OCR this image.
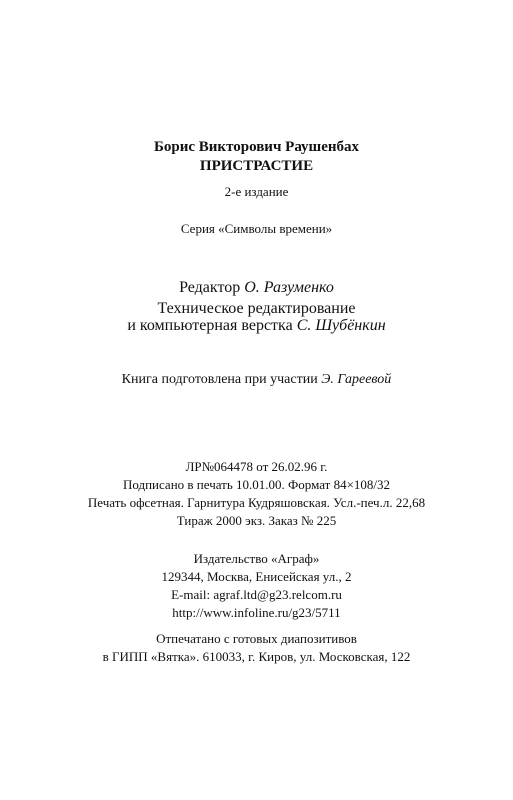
Борис Викторович Раушенбах
ПРИСТРАСТИЕ
2-е издание
Серия «Символы времени»
Редактор О. Разуменко
Техническое редактирование
и компьютерная верстка С. Шубёнкин
Книга подготовлена при участии Э. Гареевой
ЛР№064478 от 26.02.96 г.
Подписано в печать 10.01.00. Формат 84×108/32
Печать офсетная. Гарнитура Кудряшовская. Усл.-печ.л. 22,68
Тираж 2000 экз. Заказ № 225
Издательство «Аграф»
129344, Москва, Енисейская ул., 2
E-mail: agraf.ltd@g23.relcom.ru
http://www.infoline.ru/g23/5711
Отпечатано с готовых диапозитивов
в ГИПП «Вятка». 610033, г. Киров, ул. Московская, 122
